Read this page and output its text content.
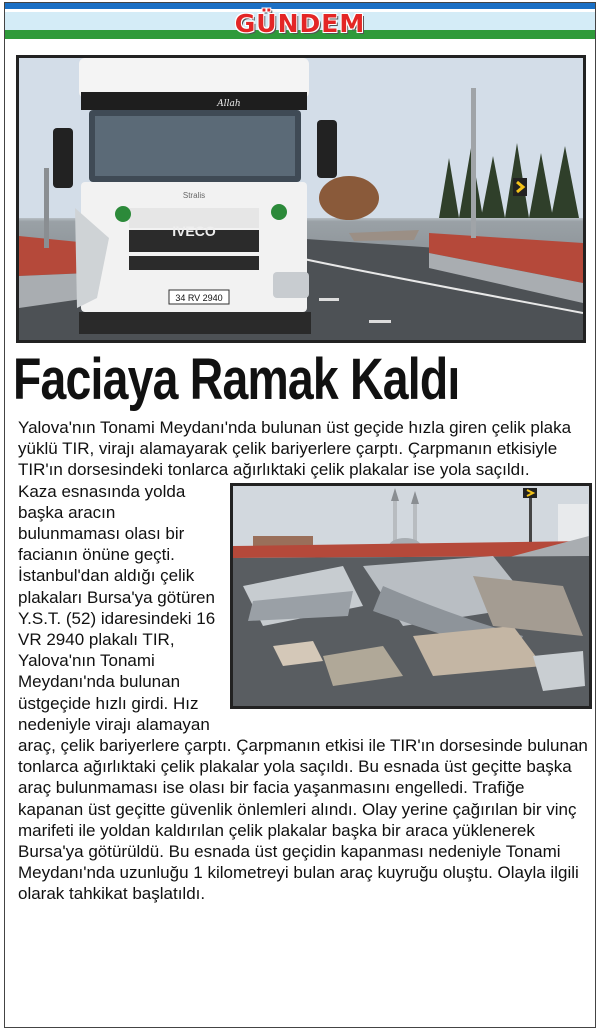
GÜNDEM
34 RV 2940
IVECO
Stralis
Allah
Faciaya Ramak Kaldı

Yalova'nın Tonami Meydanı'nda bulunan üst geçide hızla giren çelik plaka yüklü TIR, virajı alamayarak çelik bariyerlere çarptı. Çarpmanın etkisiyle TIR'ın dorsesindeki tonlarca ağırlıktaki çelik plakalar ise yola saçıldı.

Kaza esnasında yolda başka aracın bulunmaması olası bir facianın önüne geçti. İstanbul'dan aldığı çelik plakaları Bursa'ya götüren Y.S.T. (52) idaresindeki 16 VR 2940 plakalı TIR, Yalova'nın Tonami Meydanı'nda bulunan üstgeçide hızlı girdi. Hız nedeniyle virajı alamayan araç, çelik bariyerlere çarptı. Çarpmanın etkisi ile TIR'ın dorsesinde bulunan tonlarca ağırlıktaki çelik plakalar yola saçıldı. Bu esnada üst geçitte başka araç bulunmaması ise olası bir facia yaşanmasını engelledi. Trafiğe kapanan üst geçitte güvenlik önlemleri alındı. Olay yerine çağırılan bir vinç marifeti ile yoldan kaldırılan çelik plakalar başka bir araca yüklenerek Bursa'ya götürüldü. Bu esnada üst geçidin kapanması nedeniyle Tonami Meydanı'nda uzunluğu 1 kilometreyi bulan araç kuyruğu oluştu. Olayla ilgili olarak tahkikat başlatıldı.
